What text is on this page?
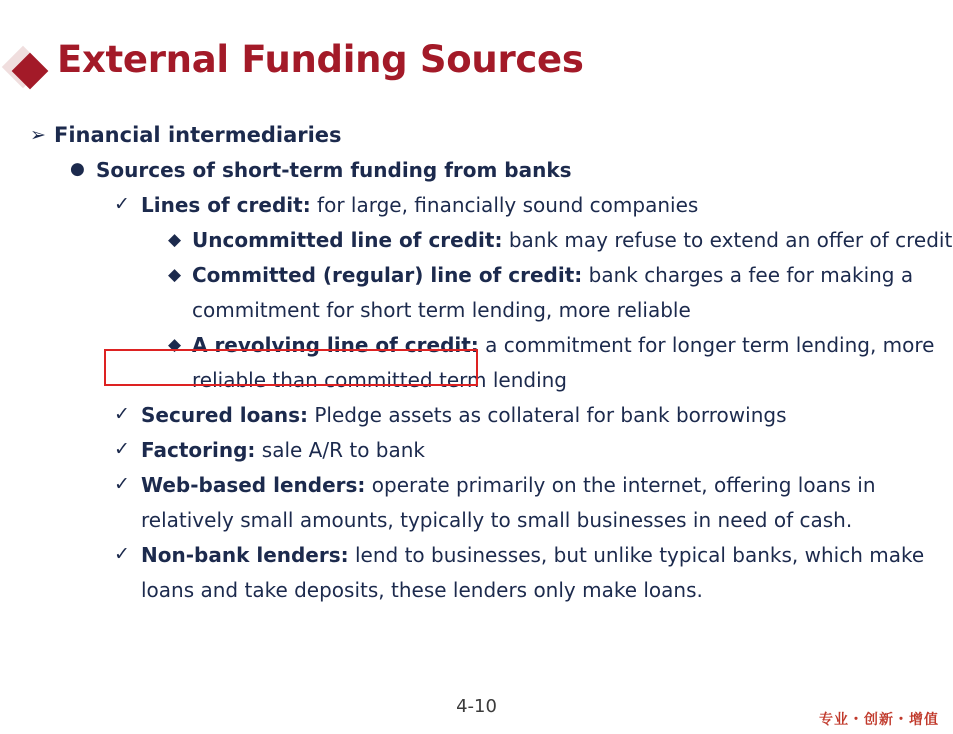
External Funding Sources
➢ Financial intermediaries
● Sources of short-term funding from banks
✓ Lines of credit: for large, financially sound companies
◆ Uncommitted line of credit: bank may refuse to extend an offer of credit
◆ Committed (regular) line of credit: bank charges a fee for making a commitment for short term lending, more reliable
◆ A revolving line of credit: a commitment for longer term lending, more reliable than committed term lending
✓ Secured loans: Pledge assets as collateral for bank borrowings
✓ Factoring: sale A/R to bank
✓ Web-based lenders: operate primarily on the internet, offering loans in relatively small amounts, typically to small businesses in need of cash.
✓ Non-bank lenders: lend to businesses, but unlike typical banks, which make loans and take deposits, these lenders only make loans.
4-10
专业・创新・增值
